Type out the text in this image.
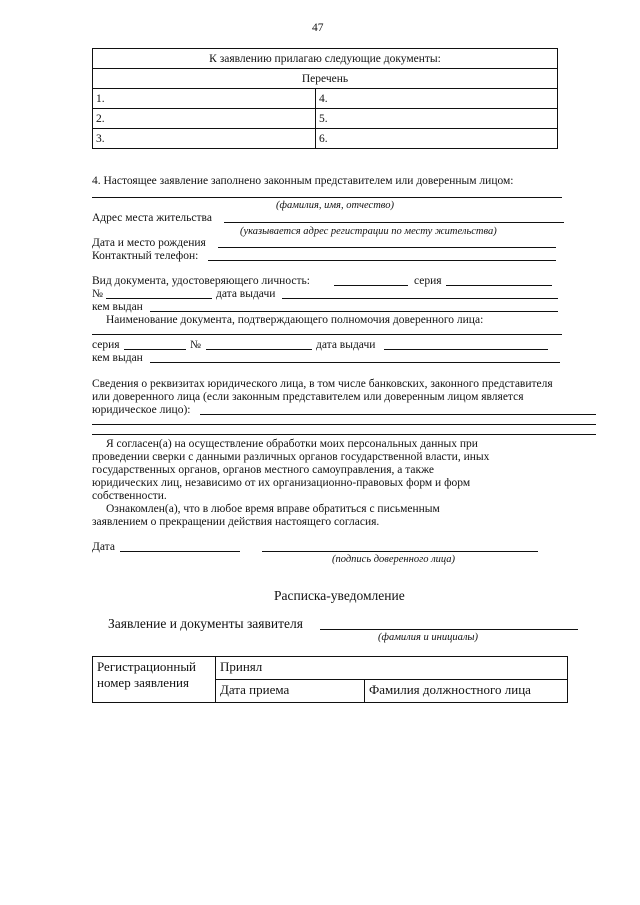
47
К заявлению прилагаю следующие документы:	
Перечень	
1.	4.
2.	5.
3.	6.
4. Настоящее заявление заполнено законным представителем или доверенным лицом:
(фамилия, имя, отчество)
Адрес места жительства
(указывается адрес регистрации по месту жительства)
Дата и место рождения
Контактный телефон:
Вид документа, удостоверяющего личность:	серия
№	дата выдачи
кем выдан
Наименование документа, подтверждающего полномочия доверенного лица:
серия	№	дата выдачи
кем выдан
Сведения о реквизитах юридического лица, в том числе банковских, законного представителя
или доверенного лица (если законным представителем или доверенным лицом является
юридическое лицо):
Я согласен(а) на осуществление обработки моих персональных данных при
проведении сверки с данными различных органов государственной власти, иных
государственных органов, органов местного самоуправления, а также
юридических лиц, независимо от их организационно-правовых форм и форм
собственности.
Ознакомлен(а), что в любое время вправе обратиться с письменным
заявлением о прекращении действия настоящего согласия.
Дата
(подпись доверенного лица)
Расписка-уведомление
Заявление и документы заявителя
(фамилия и инициалы)
Регистрационный номер заявления	Принял	
	Дата приема	Фамилия должностного лица
